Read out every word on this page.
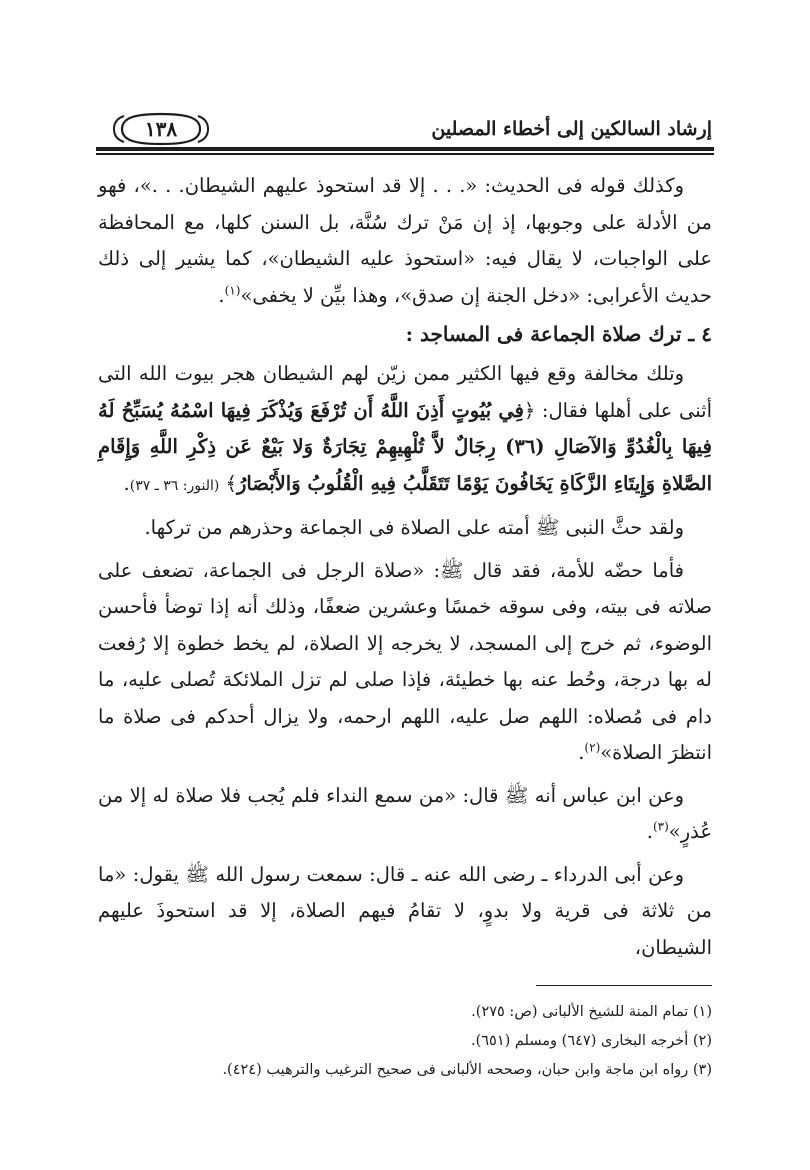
إرشاد السالكين إلى أخطاء المصلين
١٣٨

وكذلك قوله فى الحديث: «. . . إلا قد استحوذ عليهم الشيطان. . .»، فهو من الأدلة على وجوبها، إذ إن مَنْ ترك سُنَّة، بل السنن كلها، مع المحافظة على الواجبات، لا يقال فيه: «استحوذ عليه الشيطان»، كما يشير إلى ذلك حديث الأعرابى: «دخل الجنة إن صدق»، وهذا بيِّن لا يخفى»$^{(١)}$.

٤ ـ ترك صلاة الجماعة فى المساجد :

وتلك مخالفة وقع فيها الكثير ممن زيّن لهم الشيطان هجر بيوت الله التى أثنى على أهلها فقال: ﴿فِي بُيُوتٍ أَذِنَ اللَّهُ أَن تُرْفَعَ وَيُذْكَرَ فِيهَا اسْمُهُ يُسَبِّحُ لَهُ فِيهَا بِالْغُدُوِّ وَالآصَالِ (٣٦) رِجَالٌ لاَّ تُلْهِيهِمْ تِجَارَةٌ وَلا بَيْعٌ عَن ذِكْرِ اللَّهِ وَإِقَامِ الصَّلاةِ وَإِيتَاءِ الزَّكَاةِ يَخَافُونَ يَوْمًا تَتَقَلَّبُ فِيهِ الْقُلُوبُ وَالأَبْصَارُ﴾ (النور: ٣٦ ـ ٣٧).

ولقد حثَّ النبى ﷺ أمته على الصلاة فى الجماعة وحذرهم من تركها.

فأما حضّه للأمة، فقد قال ﷺ: «صلاة الرجل فى الجماعة، تضعف على صلاته فى بيته، وفى سوقه خمسًا وعشرين ضعفًا، وذلك أنه إذا توضأ فأحسن الوضوء، ثم خرج إلى المسجد، لا يخرجه إلا الصلاة، لم يخط خطوة إلا رُفعت له بها درجة، وحُط عنه بها خطيئة، فإذا صلى لم تزل الملائكة تُصلى عليه، ما دام فى مُصلاه: اللهم صل عليه، اللهم ارحمه، ولا يزال أحدكم فى صلاة ما انتظرَ الصلاة»$^{(٢)}$.

وعن ابن عباس أنه ﷺ قال: «من سمع النداء فلم يُجب فلا صلاة له إلا من عُذرٍ»$^{(٣)}$.

وعن أبى الدرداء ـ رضى الله عنه ـ قال: سمعت رسول الله ﷺ يقول: «ما من ثلاثة فى قرية ولا بدوٍ، لا تقامُ فيهم الصلاة، إلا قد استحوذَ عليهم الشيطان،

(١) تمام المنة للشيخ الألبانى (ص: ٢٧٥).

(٢) أخرجه البخارى (٦٤٧) ومسلم (٦٥١).

(٣) رواه ابن ماجة وابن حبان، وصححه الألبانى فى صحيح الترغيب والترهيب (٤٢٤).
